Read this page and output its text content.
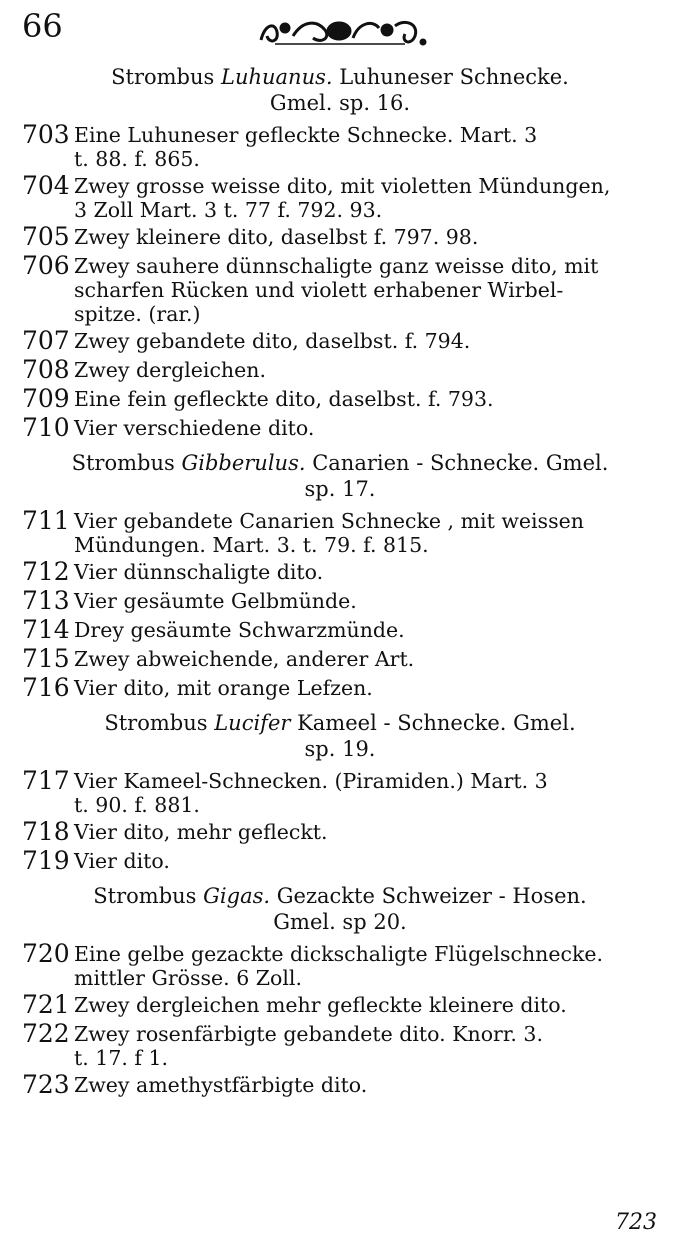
66
Strombus Luhuanus. Luhuneser Schnecke.
Gmel. sp. 16.
703 Eine Luhuneser gefleckte Schnecke. Mart. 3
t. 88. f. 865.
704 Zwey grosse weisse dito, mit violetten Mündungen,
3 Zoll Mart. 3 t. 77 f. 792. 93.
705 Zwey kleinere dito, daselbst f. 797. 98.
706 Zwey sauhere dünnschaligte ganz weisse dito, mit
scharfen Rücken und violett erhabener Wirbel-
spitze. (rar.)
707 Zwey gebandete dito, daselbst. f. 794.
708 Zwey dergleichen.
709 Eine fein gefleckte dito, daselbst. f. 793.
710 Vier verschiedene dito.
Strombus Gibberulus. Canarien - Schnecke. Gmel.
sp. 17.
711 Vier gebandete Canarien Schnecke , mit weissen
Mündungen. Mart. 3. t. 79. f. 815.
712 Vier dünnschaligte dito.
713 Vier gesäumte Gelbmünde.
714 Drey gesäumte Schwarzmünde.
715 Zwey abweichende, anderer Art.
716 Vier dito, mit orange Lefzen.
Strombus Lucifer Kameel - Schnecke. Gmel.
sp. 19.
717 Vier Kameel-Schnecken. (Piramiden.) Mart. 3
t. 90. f. 881.
718 Vier dito, mehr gefleckt.
719 Vier dito.
Strombus Gigas. Gezackte Schweizer - Hosen.
Gmel. sp 20.
720 Eine gelbe gezackte dickschaligte Flügelschnecke.
mittler Grösse. 6 Zoll.
721 Zwey dergleichen mehr gefleckte kleinere dito.
722 Zwey rosenfärbigte gebandete dito. Knorr. 3.
t. 17. f 1.
723 Zwey amethystfärbigte dito.
723
